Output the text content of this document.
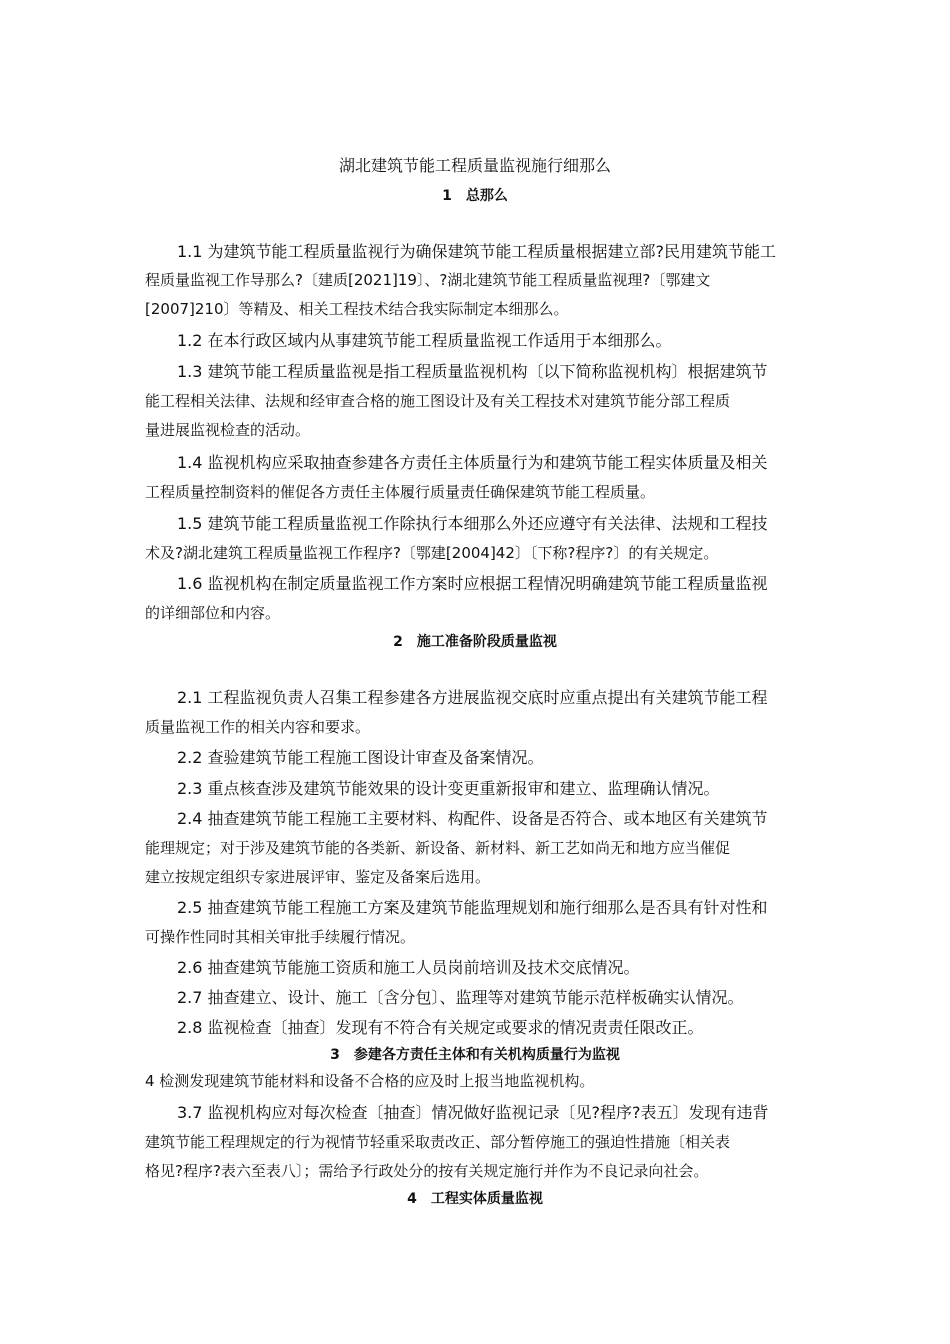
湖北建筑节能工程质量监视施行细那么
1　总那么
1.1 为建筑节能工程质量监视行为确保建筑节能工程质量根据建立部?民用建筑节能工
程质量监视工作导那么?〔建质[2021]19〕、?湖北建筑节能工程质量监视理?〔鄂建文
[2007]210〕等精及、相关工程技术结合我实际制定本细那么。
1.2 在本行政区域内从事建筑节能工程质量监视工作适用于本细那么。
1.3 建筑节能工程质量监视是指工程质量监视机构〔以下简称监视机构〕根据建筑节
能工程相关法律、法规和经审查合格的施工图设计及有关工程技术对建筑节能分部工程质
量进展监视检查的活动。
1.4 监视机构应采取抽查参建各方责任主体质量行为和建筑节能工程实体质量及相关
工程质量控制资料的催促各方责任主体履行质量责任确保建筑节能工程质量。
1.5 建筑节能工程质量监视工作除执行本细那么外还应遵守有关法律、法规和工程技
术及?湖北建筑工程质量监视工作程序?〔鄂建[2004]42〕〔下称?程序?〕的有关规定。
1.6 监视机构在制定质量监视工作方案时应根据工程情况明确建筑节能工程质量监视
的详细部位和内容。
2　施工准备阶段质量监视
2.1 工程监视负责人召集工程参建各方进展监视交底时应重点提出有关建筑节能工程
质量监视工作的相关内容和要求。
2.2 查验建筑节能工程施工图设计审查及备案情况。
2.3 重点核查涉及建筑节能效果的设计变更重新报审和建立、监理确认情况。
2.4 抽查建筑节能工程施工主要材料、构配件、设备是否符合、或本地区有关建筑节
能理规定；对于涉及建筑节能的各类新、新设备、新材料、新工艺如尚无和地方应当催促
建立按规定组织专家进展评审、鉴定及备案后选用。
2.5 抽查建筑节能工程施工方案及建筑节能监理规划和施行细那么是否具有针对性和
可操作性同时其相关审批手续履行情况。
2.6 抽查建筑节能施工资质和施工人员岗前培训及技术交底情况。
2.7 抽查建立、设计、施工〔含分包〕、监理等对建筑节能示范样板确实认情况。
2.8 监视检查〔抽查〕发现有不符合有关规定或要求的情况责责任限改正。
3　参建各方责任主体和有关机构质量行为监视
4 检测发现建筑节能材料和设备不合格的应及时上报当地监视机构。
3.7 监视机构应对每次检查〔抽查〕情况做好监视记录〔见?程序?表五〕发现有违背
建筑节能工程理规定的行为视情节轻重采取责改正、部分暂停施工的强迫性措施〔相关表
格见?程序?表六至表八〕；需给予行政处分的按有关规定施行并作为不良记录向社会。
4　工程实体质量监视
